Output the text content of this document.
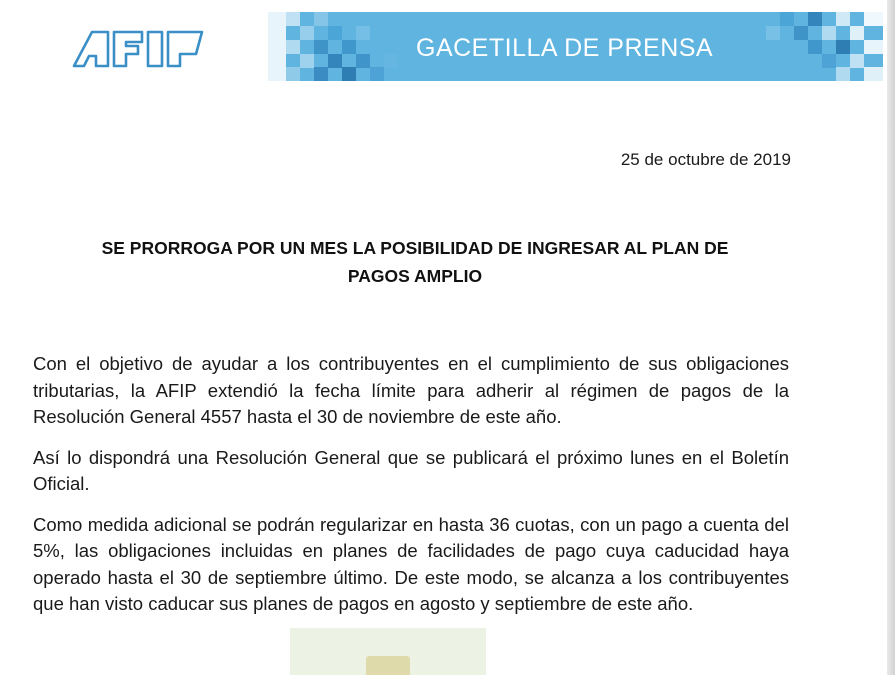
GACETILLA DE PRENSA
25 de octubre de 2019
SE PRORROGA POR UN MES LA POSIBILIDAD DE INGRESAR AL PLAN DE
PAGOS AMPLIO

Con el objetivo de ayudar a los contribuyentes en el cumplimiento de sus obligaciones tributarias, la AFIP extendió la fecha límite para adherir al régimen de pagos de la Resolución General 4557 hasta el 30 de noviembre de este año.

Así lo dispondrá una Resolución General que se publicará el próximo lunes en el Boletín Oficial.

Como medida adicional se podrán regularizar en hasta 36 cuotas, con un pago a cuenta del 5%, las obligaciones incluidas en planes de facilidades de pago cuya caducidad haya operado hasta el 30 de septiembre último. De este modo, se alcanza a los contribuyentes que han visto caducar sus planes de pagos en agosto y septiembre de este año.
